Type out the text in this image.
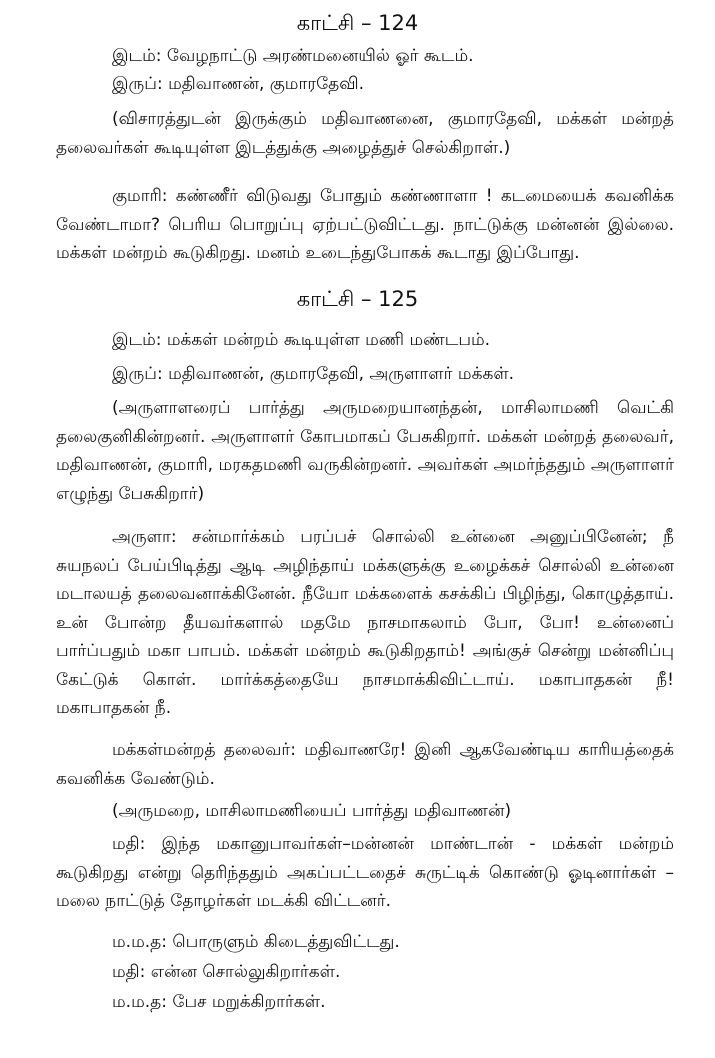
காட்சி – 124

இடம்: வேழநாட்டு அரண்மனையில் ஓர் கூடம்.

இருப்: மதிவாணன், குமாரதேவி.

(விசாரத்துடன் இருக்கும் மதிவாணனை, குமாரதேவி, மக்கள் மன்றத் தலைவர்கள் கூடியுள்ள இடத்துக்கு அழைத்துச் செல்கிறாள்.)

குமாரி: கண்ணீர் விடுவது போதும் கண்ணாளா ! கடமையைக் கவனிக்க வேண்டாமா? பெரிய பொறுப்பு ஏற்பட்டுவிட்டது. நாட்டுக்கு மன்னன் இல்லை. மக்கள் மன்றம் கூடுகிறது. மனம் உடைந்துபோகக் கூடாது இப்போது.

காட்சி – 125

இடம்: மக்கள் மன்றம் கூடியுள்ள மணி மண்டபம்.

இருப்: மதிவாணன், குமாரதேவி, அருளாளர் மக்கள்.

(அருளாளரைப் பார்த்து அருமறையானந்தன், மாசிலாமணி வெட்கி தலைகுனிகின்றனர். அருளாளர் கோபமாகப் பேசுகிறார். மக்கள் மன்றத் தலைவர், மதிவாணன், குமாரி, மரகதமணி வருகின்றனர். அவர்கள் அமர்ந்ததும் அருளாளர் எழுந்து பேசுகிறார்)

அருளா: சன்மார்க்கம் பரப்பச் சொல்லி உன்னை அனுப்பினேன்; நீ சுயநலப் பேய்பிடித்து ஆடி அழிந்தாய் மக்களுக்கு உழைக்கச் சொல்லி உன்னை மடாலயத் தலைவனாக்கினேன். நீயோ மக்களைக் கசக்கிப் பிழிந்து, கொழுத்தாய். உன் போன்ற தீயவர்களால் மதமே நாசமாகலாம் போ, போ! உன்னைப் பார்ப்பதும் மகா பாபம். மக்கள் மன்றம் கூடுகிறதாம்! அங்குச் சென்று மன்னிப்பு கேட்டுக் கொள். மார்க்கத்தையே நாசமாக்கிவிட்டாய். மகாபாதகன் நீ! மகாபாதகன் நீ.

மக்கள்மன்றத் தலைவர்: மதிவாணரே! இனி ஆகவேண்டிய காரியத்தைக் கவனிக்க வேண்டும்.

(அருமறை, மாசிலாமணியைப் பார்த்து மதிவாணன்)

மதி: இந்த மகானுபாவர்கள்–மன்னன் மாண்டான் - மக்கள் மன்றம் கூடுகிறது என்று தெரிந்ததும் அகப்பட்டதைச் சுருட்டிக் கொண்டு ஓடினார்கள் – மலை நாட்டுத் தோழர்கள் மடக்கி விட்டனர்.

ம.ம.த: பொருளும் கிடைத்துவிட்டது.

மதி: என்ன சொல்லுகிறார்கள்.

ம.ம.த: பேச மறுக்கிறார்கள்.
